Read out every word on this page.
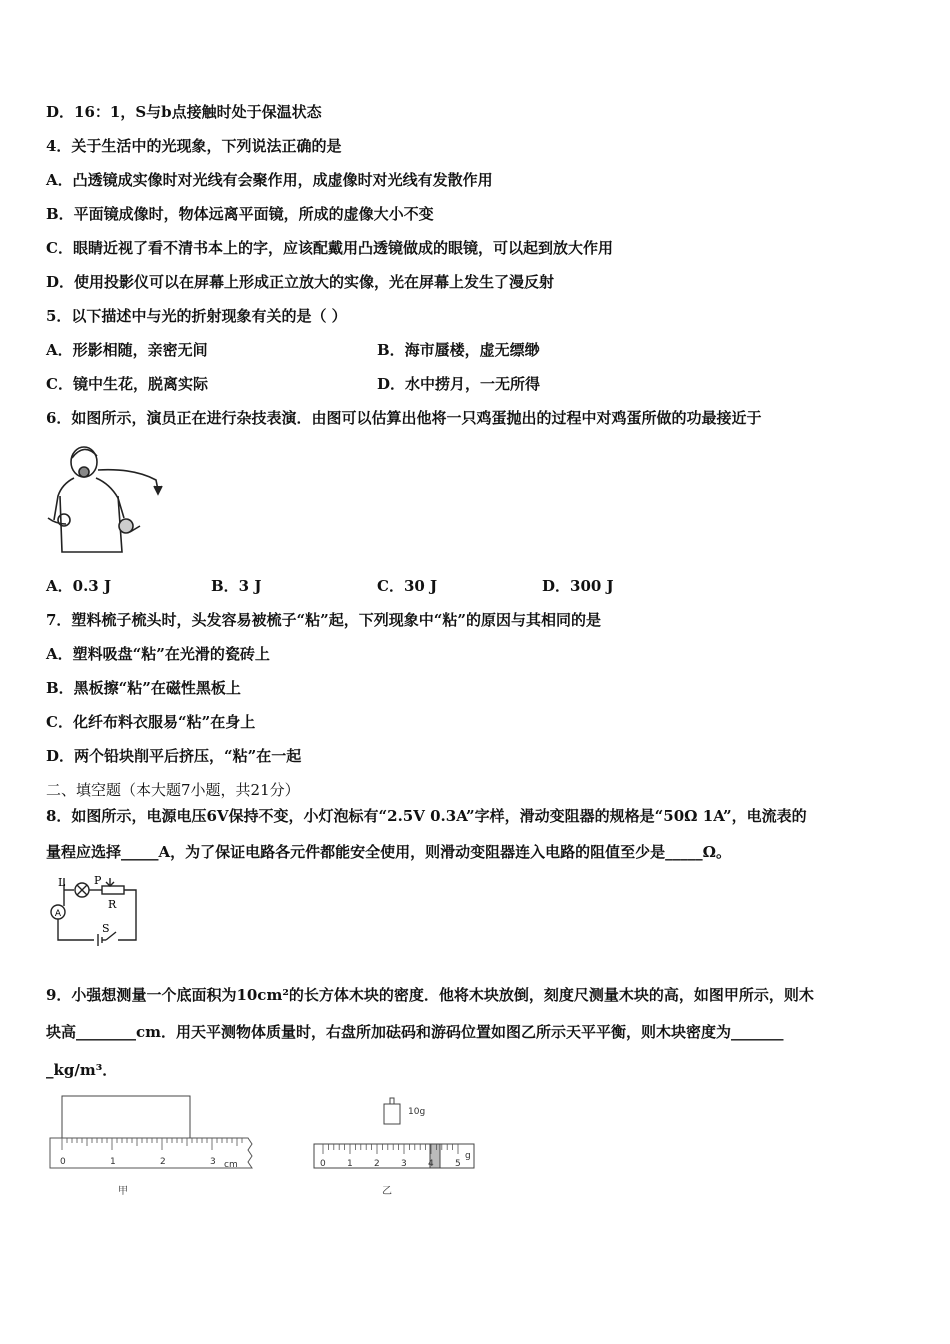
D．16：1，S与b点接触时处于保温状态
4．关于生活中的光现象，下列说法正确的是
A．凸透镜成实像时对光线有会聚作用，成虚像时对光线有发散作用
B．平面镜成像时，物体远离平面镜，所成的虚像大小不变
C．眼睛近视了看不清书本上的字，应该配戴用凸透镜做成的眼镜，可以起到放大作用
D．使用投影仪可以在屏幕上形成正立放大的实像，光在屏幕上发生了漫反射
5．以下描述中与光的折射现象有关的是（ ）
A．形影相随，亲密无间	B．海市蜃楼，虚无缥缈
C．镜中生花，脱离实际	D．水中捞月，一无所得
6．如图所示，演员正在进行杂技表演．由图可以估算出他将一只鸡蛋抛出的过程中对鸡蛋所做的功最接近于
A．0.3 J	B．3 J	C．30 J	D．300 J
7．塑料梳子梳头时，头发容易被梳子“粘”起，下列现象中“粘”的原因与其相同的是
A．塑料吸盘“粘”在光滑的瓷砖上
B．黑板擦“粘”在磁性黑板上
C．化纤布料衣服易“粘”在身上
D．两个铅块削平后挤压，“粘”在一起
二、填空题（本大题7小题，共21分）
8．如图所示，电源电压6V保持不变，小灯泡标有“2.5V 0.3A”字样，滑动变阻器的规格是“50Ω 1A”，电流表的
量程应选择_____A，为了保证电路各元件都能安全使用，则滑动变阻器连入电路的阻值至少是_____Ω。
A
L	P
R
S
9．小强想测量一个底面积为10cm²的长方体木块的密度．他将木块放倒，刻度尺测量木块的高，如图甲所示，则木
块高________cm．用天平测物体质量时，右盘所加砝码和游码位置如图乙所示天平平衡，则木块密度为_______
_kg/m³．
0	1	2	3 cm
甲
10g
0 1 2 3 4 5
g
乙
